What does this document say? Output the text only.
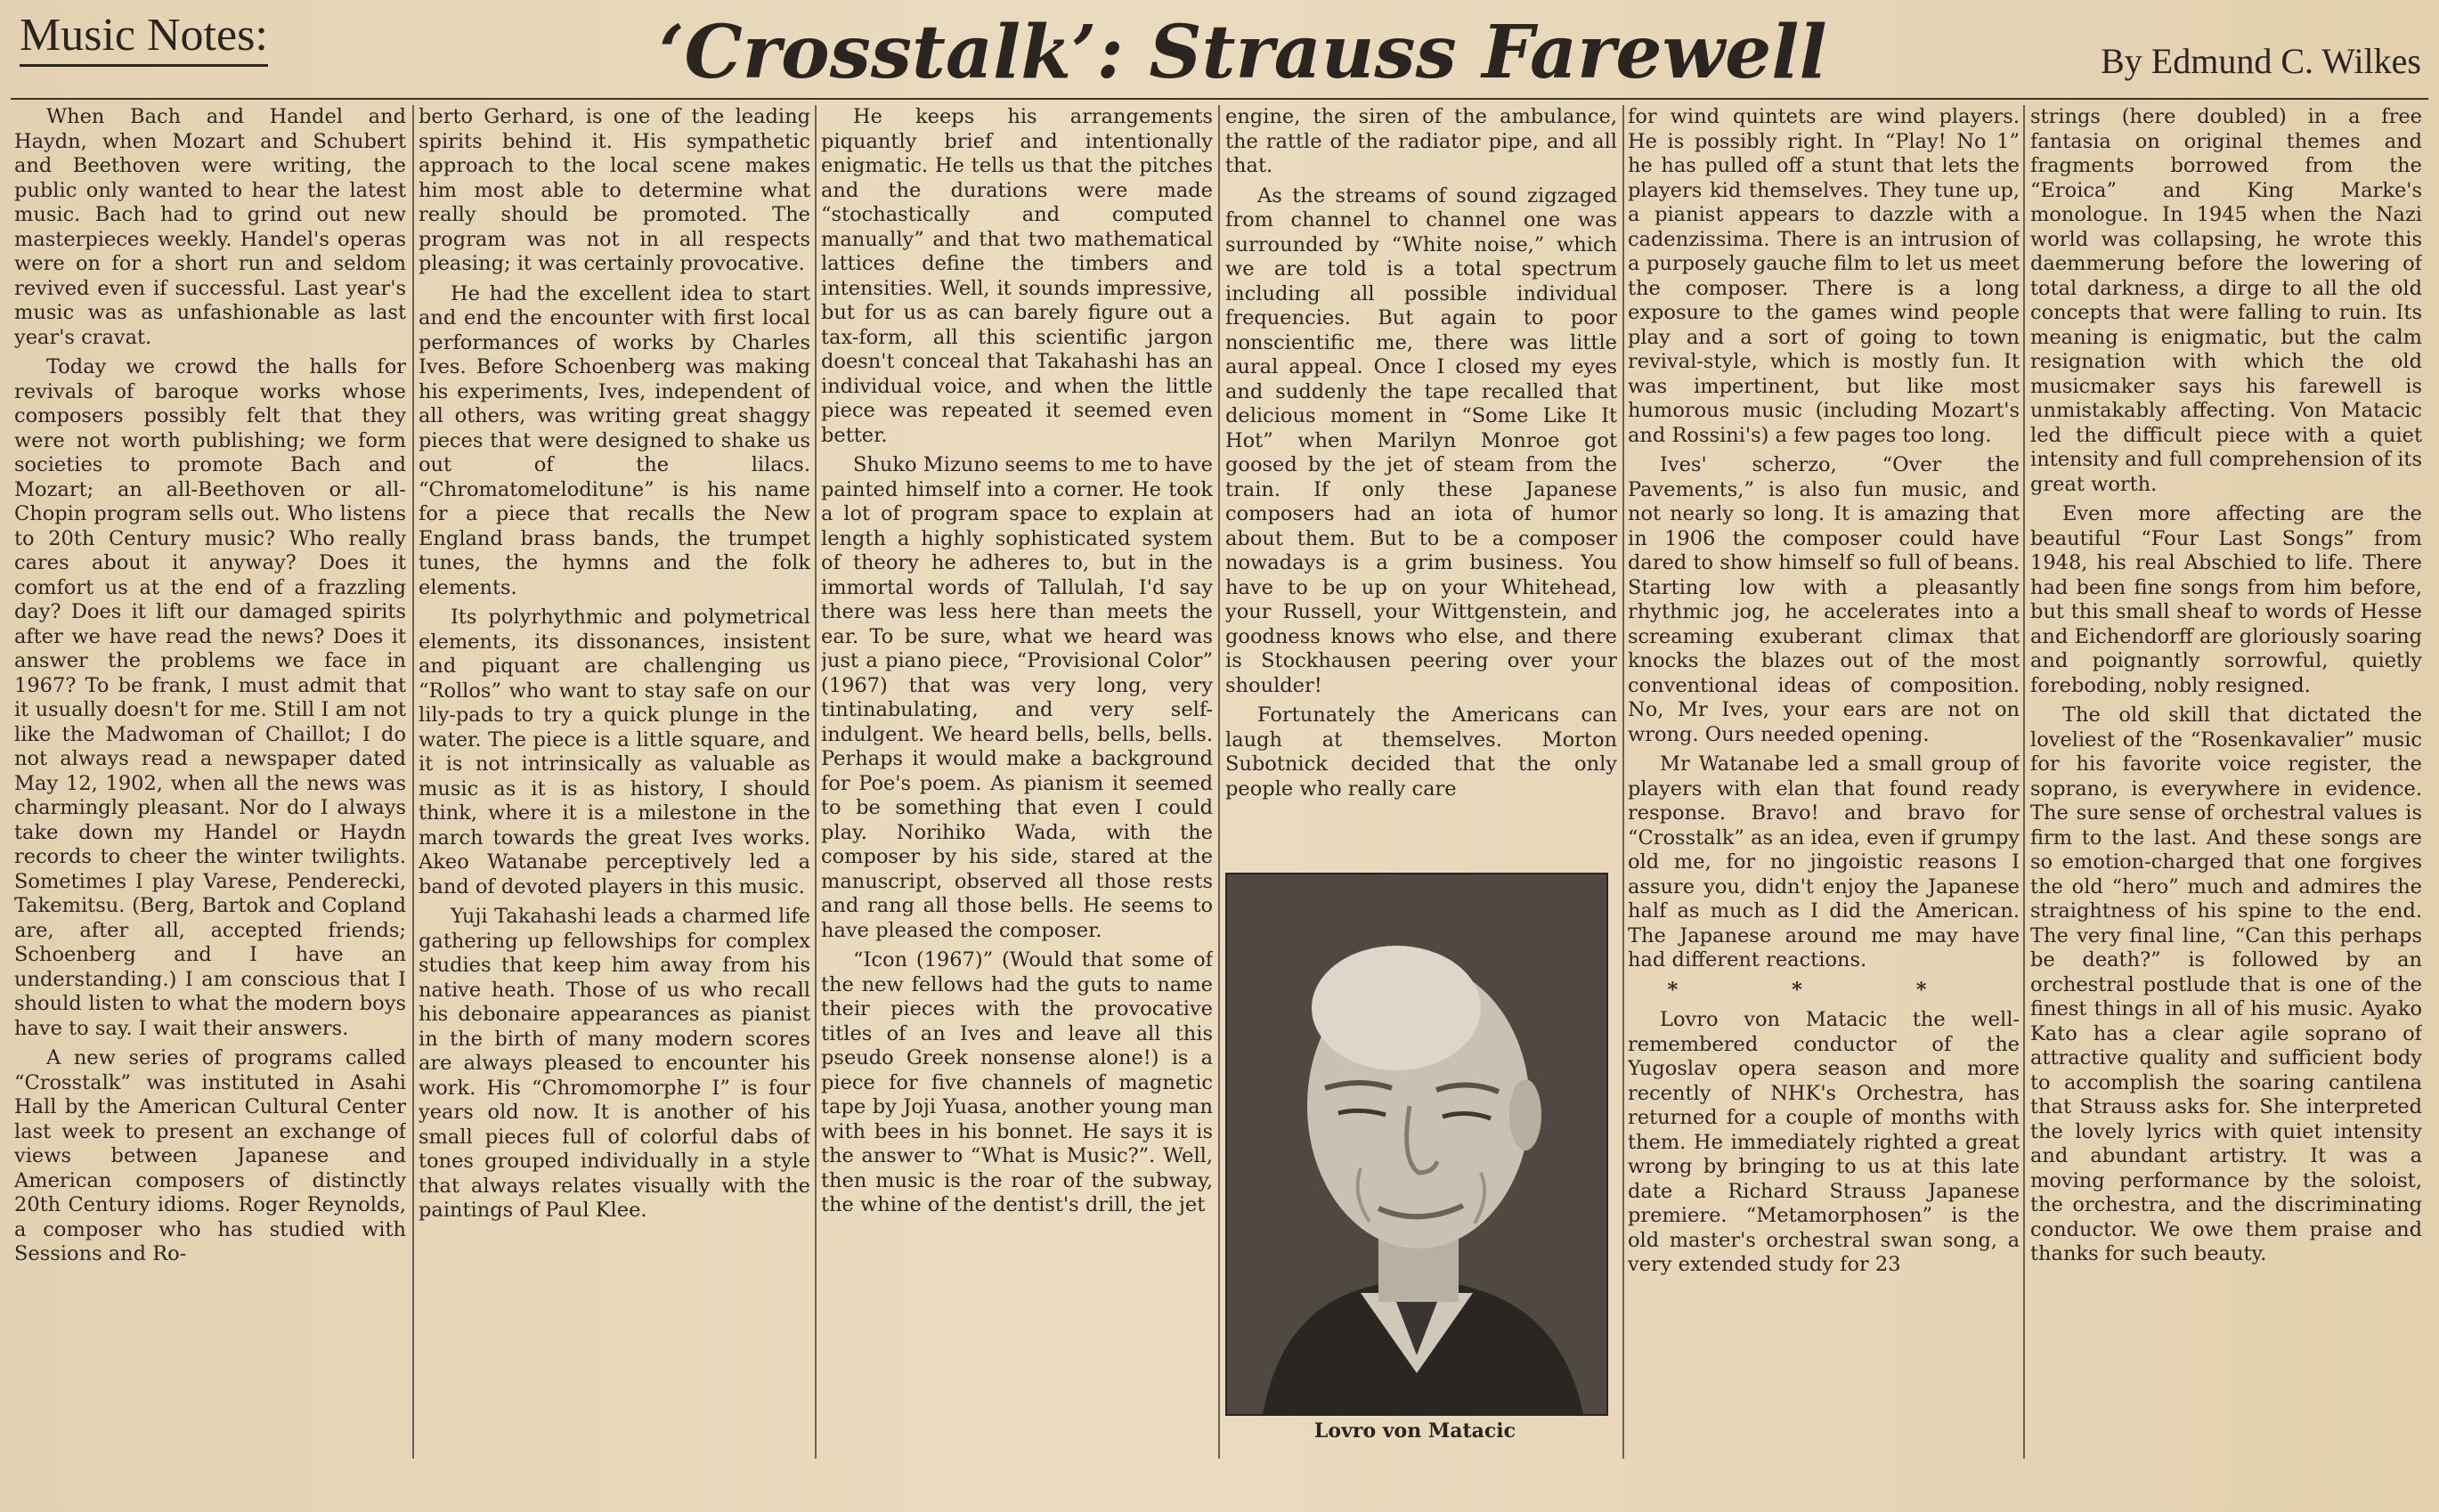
Music Notes:	‘Crosstalk’: Strauss Farewell	By Edmund C. Wilkes

When Bach and Handel and Haydn, when Mozart and Schubert and Beethoven were writing, the public only wanted to hear the latest music. Bach had to grind out new masterpieces weekly. Handel's operas were on for a short run and seldom revived even if successful. Last year's music was as unfashionable as last year's cravat.

Today we crowd the halls for revivals of baroque works whose composers possibly felt that they were not worth publishing; we form societies to promote Bach and Mozart; an all-Beethoven or all-Chopin program sells out. Who listens to 20th Century music? Who really cares about it anyway? Does it comfort us at the end of a frazzling day? Does it lift our damaged spirits after we have read the news? Does it answer the problems we face in 1967? To be frank, I must admit that it usually doesn't for me. Still I am not like the Madwoman of Chaillot; I do not always read a newspaper dated May 12, 1902, when all the news was charmingly pleasant. Nor do I always take down my Handel or Haydn records to cheer the winter twilights. Sometimes I play Varese, Penderecki, Takemitsu. (Berg, Bartok and Copland are, after all, accepted friends; Schoenberg and I have an understanding.) I am conscious that I should listen to what the modern boys have to say. I wait their answers.

A new series of programs called “Crosstalk” was instituted in Asahi Hall by the American Cultural Center last week to present an exchange of views between Japanese and American composers of distinctly 20th Century idioms. Roger Reynolds, a composer who has studied with Sessions and Ro-

berto Gerhard, is one of the leading spirits behind it. His sympathetic approach to the local scene makes him most able to determine what really should be promoted. The program was not in all respects pleasing; it was certainly provocative.

He had the excellent idea to start and end the encounter with first local performances of works by Charles Ives. Before Schoenberg was making his experiments, Ives, independent of all others, was writing great shaggy pieces that were designed to shake us out of the lilacs. “Chromatomeloditune” is his name for a piece that recalls the New England brass bands, the trumpet tunes, the hymns and the folk elements.

Its polyrhythmic and polymetrical elements, its dissonances, insistent and piquant are challenging us “Rollos” who want to stay safe on our lily-pads to try a quick plunge in the water. The piece is a little square, and it is not intrinsically as valuable as music as it is as history, I should think, where it is a milestone in the march towards the great Ives works. Akeo Watanabe perceptively led a band of devoted players in this music.

Yuji Takahashi leads a charmed life gathering up fellowships for complex studies that keep him away from his native heath. Those of us who recall his debonaire appearances as pianist in the birth of many modern scores are always pleased to encounter his work. His “Chromomorphe I” is four years old now. It is another of his small pieces full of colorful dabs of tones grouped individually in a style that always relates visually with the paintings of Paul Klee.

He keeps his arrangements piquantly brief and intentionally enigmatic. He tells us that the pitches and the durations were made “stochastically and computed manually” and that two mathematical lattices define the timbers and intensities. Well, it sounds impressive, but for us as can barely figure out a tax-form, all this scientific jargon doesn't conceal that Takahashi has an individual voice, and when the little piece was repeated it seemed even better.

Shuko Mizuno seems to me to have painted himself into a corner. He took a lot of program space to explain at length a highly sophisticated system of theory he adheres to, but in the immortal words of Tallulah, I'd say there was less here than meets the ear. To be sure, what we heard was just a piano piece, “Provisional Color” (1967) that was very long, very tintinabulating, and very self-indulgent. We heard bells, bells, bells. Perhaps it would make a background for Poe's poem. As pianism it seemed to be something that even I could play. Norihiko Wada, with the composer by his side, stared at the manuscript, observed all those rests and rang all those bells. He seems to have pleased the composer.

“Icon (1967)” (Would that some of the new fellows had the guts to name their pieces with the provocative titles of an Ives and leave all this pseudo Greek nonsense alone!) is a piece for five channels of magnetic tape by Joji Yuasa, another young man with bees in his bonnet. He says it is the answer to “What is Music?”. Well, then music is the roar of the subway, the whine of the dentist's drill, the jet

engine, the siren of the ambulance, the rattle of the radiator pipe, and all that.

As the streams of sound zigzaged from channel to channel one was surrounded by “White noise,” which we are told is a total spectrum including all possible individual frequencies. But again to poor nonscientific me, there was little aural appeal. Once I closed my eyes and suddenly the tape recalled that delicious moment in “Some Like It Hot” when Marilyn Monroe got goosed by the jet of steam from the train. If only these Japanese composers had an iota of humor about them. But to be a composer nowadays is a grim business. You have to be up on your Whitehead, your Russell, your Wittgenstein, and goodness knows who else, and there is Stockhausen peering over your shoulder!

Fortunately the Americans can laugh at themselves. Morton Subotnick decided that the only people who really care

Lovro von Matacic

for wind quintets are wind players. He is possibly right. In “Play! No 1” he has pulled off a stunt that lets the players kid themselves. They tune up, a pianist appears to dazzle with a cadenzissima. There is an intrusion of a purposely gauche film to let us meet the composer. There is a long exposure to the games wind people play and a sort of going to town revival-style, which is mostly fun. It was impertinent, but like most humorous music (including Mozart's and Rossini's) a few pages too long.

Ives' scherzo, “Over the Pavements,” is also fun music, and not nearly so long. It is amazing that in 1906 the composer could have dared to show himself so full of beans. Starting low with a pleasantly rhythmic jog, he accelerates into a screaming exuberant climax that knocks the blazes out of the most conventional ideas of composition. No, Mr Ives, your ears are not on wrong. Ours needed opening.

Mr Watanabe led a small group of players with elan that found ready response. Bravo! and bravo for “Crosstalk” as an idea, even if grumpy old me, for no jingoistic reasons I assure you, didn't enjoy the Japanese half as much as I did the American. The Japanese around me may have had different reactions.

* * *

Lovro von Matacic the well-remembered conductor of the Yugoslav opera season and more recently of NHK's Orchestra, has returned for a couple of months with them. He immediately righted a great wrong by bringing to us at this late date a Richard Strauss Japanese premiere. “Metamorphosen” is the old master's orchestral swan song, a very extended study for 23

strings (here doubled) in a free fantasia on original themes and fragments borrowed from the “Eroica” and King Marke's monologue. In 1945 when the Nazi world was collapsing, he wrote this daemmerung before the lowering of total darkness, a dirge to all the old concepts that were falling to ruin. Its meaning is enigmatic, but the calm resignation with which the old musicmaker says his farewell is unmistakably affecting. Von Matacic led the difficult piece with a quiet intensity and full comprehension of its great worth.

Even more affecting are the beautiful “Four Last Songs” from 1948, his real Abschied to life. There had been fine songs from him before, but this small sheaf to words of Hesse and Eichendorff are gloriously soaring and poignantly sorrowful, quietly foreboding, nobly resigned.

The old skill that dictated the loveliest of the “Rosenkavalier” music for his favorite voice register, the soprano, is everywhere in evidence. The sure sense of orchestral values is firm to the last. And these songs are so emotion-charged that one forgives the old “hero” much and admires the straightness of his spine to the end. The very final line, “Can this perhaps be death?” is followed by an orchestral postlude that is one of the finest things in all of his music. Ayako Kato has a clear agile soprano of attractive quality and sufficient body to accomplish the soaring cantilena that Strauss asks for. She interpreted the lovely lyrics with quiet intensity and abundant artistry. It was a moving performance by the soloist, the orchestra, and the discriminating conductor. We owe them praise and thanks for such beauty.
